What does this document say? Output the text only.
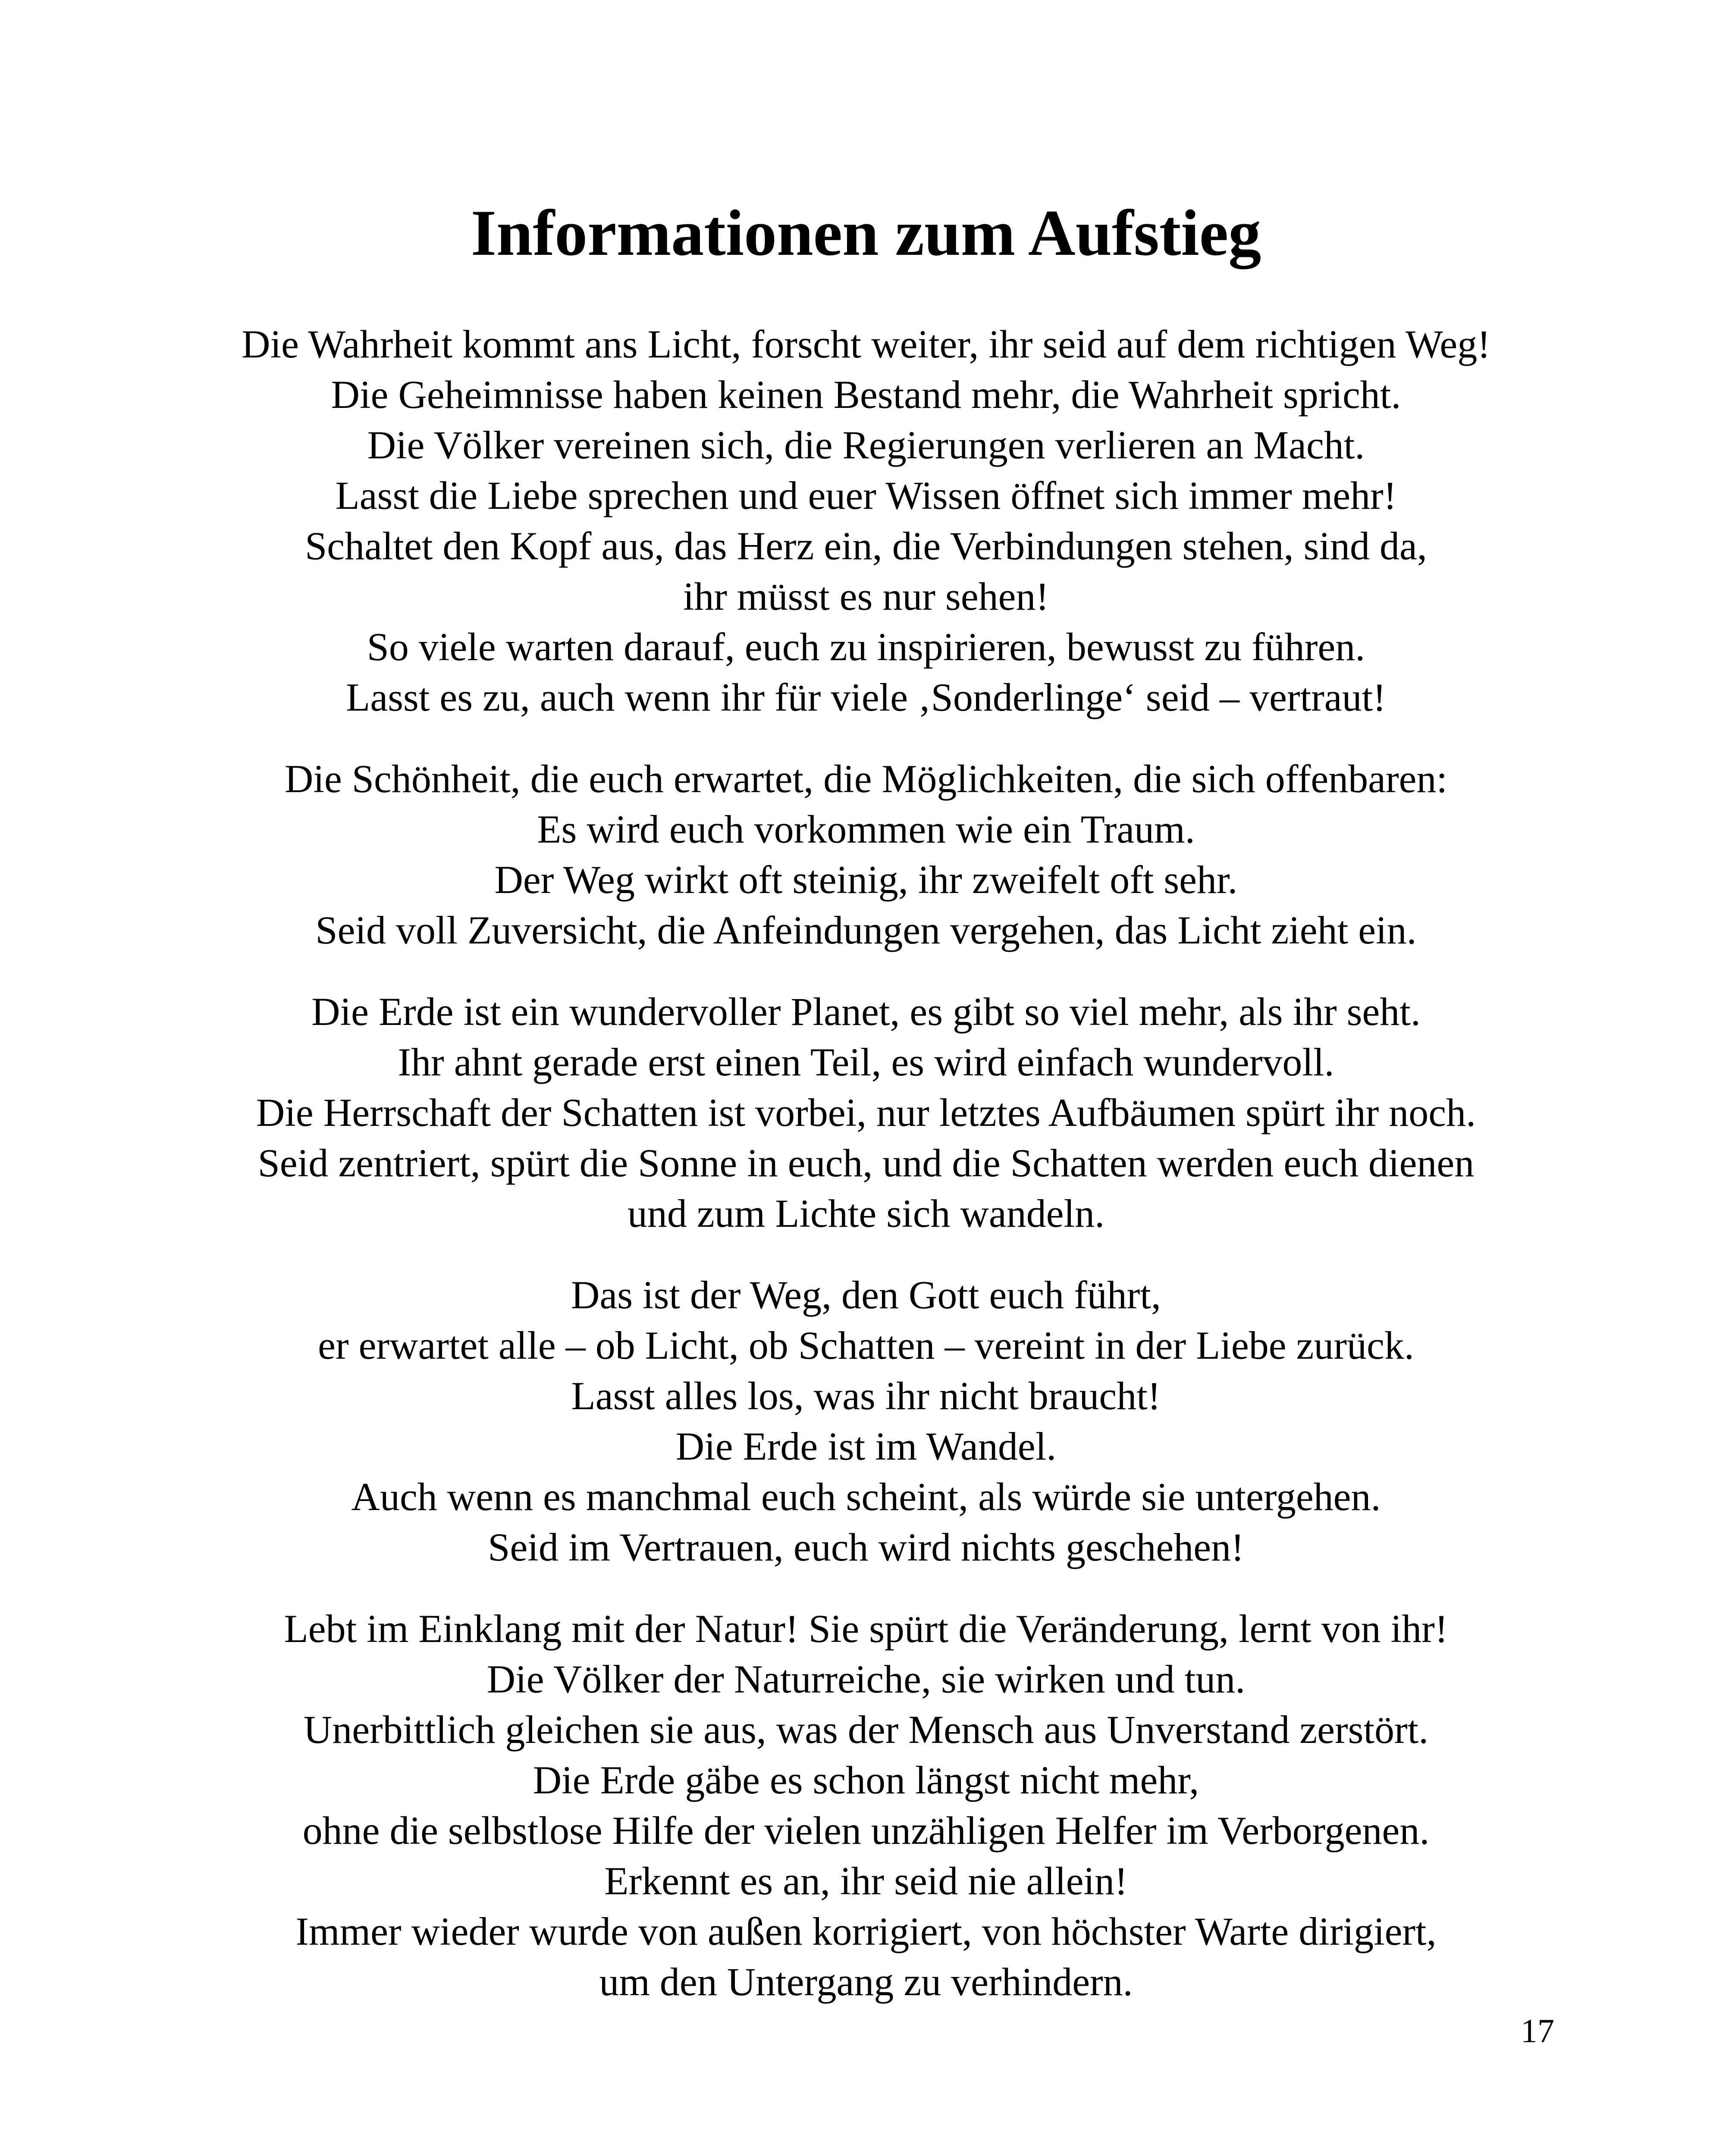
Informationen zum Aufstieg

Die Wahrheit kommt ans Licht, forscht weiter, ihr seid auf dem richtigen Weg!
Die Geheimnisse haben keinen Bestand mehr, die Wahrheit spricht.
Die Völker vereinen sich, die Regierungen verlieren an Macht.
Lasst die Liebe sprechen und euer Wissen öffnet sich immer mehr!
Schaltet den Kopf aus, das Herz ein, die Verbindungen stehen, sind da,
ihr müsst es nur sehen!
So viele warten darauf, euch zu inspirieren, bewusst zu führen.
Lasst es zu, auch wenn ihr für viele ‚Sonderlinge‘ seid – vertraut!

Die Schönheit, die euch erwartet, die Möglichkeiten, die sich offenbaren:
Es wird euch vorkommen wie ein Traum.
Der Weg wirkt oft steinig, ihr zweifelt oft sehr.
Seid voll Zuversicht, die Anfeindungen vergehen, das Licht zieht ein.

Die Erde ist ein wundervoller Planet, es gibt so viel mehr, als ihr seht.
Ihr ahnt gerade erst einen Teil, es wird einfach wundervoll.
Die Herrschaft der Schatten ist vorbei, nur letztes Aufbäumen spürt ihr noch.
Seid zentriert, spürt die Sonne in euch, und die Schatten werden euch dienen
und zum Lichte sich wandeln.

Das ist der Weg, den Gott euch führt,
er erwartet alle – ob Licht, ob Schatten – vereint in der Liebe zurück.
Lasst alles los, was ihr nicht braucht!
Die Erde ist im Wandel.
Auch wenn es manchmal euch scheint, als würde sie untergehen.
Seid im Vertrauen, euch wird nichts geschehen!

Lebt im Einklang mit der Natur! Sie spürt die Veränderung, lernt von ihr!
Die Völker der Naturreiche, sie wirken und tun.
Unerbittlich gleichen sie aus, was der Mensch aus Unverstand zerstört.
Die Erde gäbe es schon längst nicht mehr,
ohne die selbstlose Hilfe der vielen unzähligen Helfer im Verborgenen.
Erkennt es an, ihr seid nie allein!
Immer wieder wurde von außen korrigiert, von höchster Warte dirigiert,
um den Untergang zu verhindern.

17
